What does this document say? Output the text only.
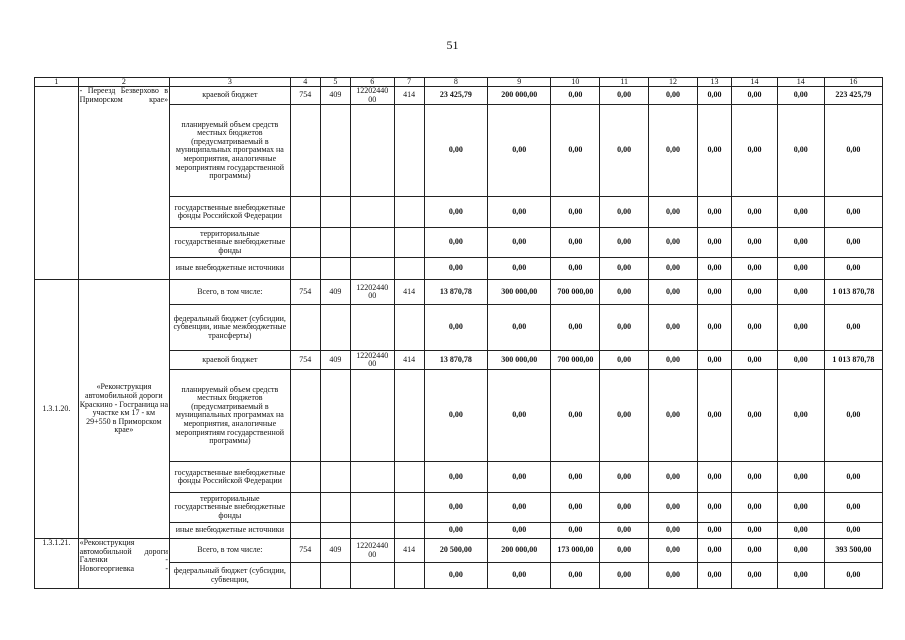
51
1	2	3	4	5	6	7	8	9	10	11	12	13	14	14	16
	- Переезд Безверхово в Приморском крае»	краевой бюджет	754	409	12202440 00	414	23 425,79	200 000,00	0,00	0,00	0,00	0,00	0,00	0,00	223 425,79
		планируемый объем средств местных бюджетов (предусматриваемый в муниципальных программах на мероприятия, аналогичные мероприятиям государственной программы)					0,00	0,00	0,00	0,00	0,00	0,00	0,00	0,00	0,00
		государственные внебюджетные фонды Российской Федерации					0,00	0,00	0,00	0,00	0,00	0,00	0,00	0,00	0,00
		территориальные государственные внебюджетные фонды					0,00	0,00	0,00	0,00	0,00	0,00	0,00	0,00	0,00
		иные внебюджетные источники					0,00	0,00	0,00	0,00	0,00	0,00	0,00	0,00	0,00
1.3.1.20.	«Реконструкция автомобильной дороги Краскино - Госграница на участке км 17 - км 29+550 в Приморском крае»	Всего, в том числе:	754	409	12202440 00	414	13 870,78	300 000,00	700 000,00	0,00	0,00	0,00	0,00	0,00	1 013 870,78
		федеральный бюджет (субсидии, субвенции, иные межбюджетные трансферты)					0,00	0,00	0,00	0,00	0,00	0,00	0,00	0,00	0,00
		краевой бюджет	754	409	12202440 00	414	13 870,78	300 000,00	700 000,00	0,00	0,00	0,00	0,00	0,00	1 013 870,78
		планируемый объем средств местных бюджетов (предусматриваемый в муниципальных программах на мероприятия, аналогичные мероприятиям государственной программы)					0,00	0,00	0,00	0,00	0,00	0,00	0,00	0,00	0,00
		государственные внебюджетные фонды Российской Федерации					0,00	0,00	0,00	0,00	0,00	0,00	0,00	0,00	0,00
		территориальные государственные внебюджетные фонды					0,00	0,00	0,00	0,00	0,00	0,00	0,00	0,00	0,00
		иные внебюджетные источники					0,00	0,00	0,00	0,00	0,00	0,00	0,00	0,00	0,00
1.3.1.21.	«Реконструкция автомобильной дороги Галенки - Новогеоргиевка -	Всего, в том числе:	754	409	12202440 00	414	20 500,00	200 000,00	173 000,00	0,00	0,00	0,00	0,00	0,00	393 500,00
		федеральный бюджет (субсидии, субвенции,					0,00	0,00	0,00	0,00	0,00	0,00	0,00	0,00	0,00
